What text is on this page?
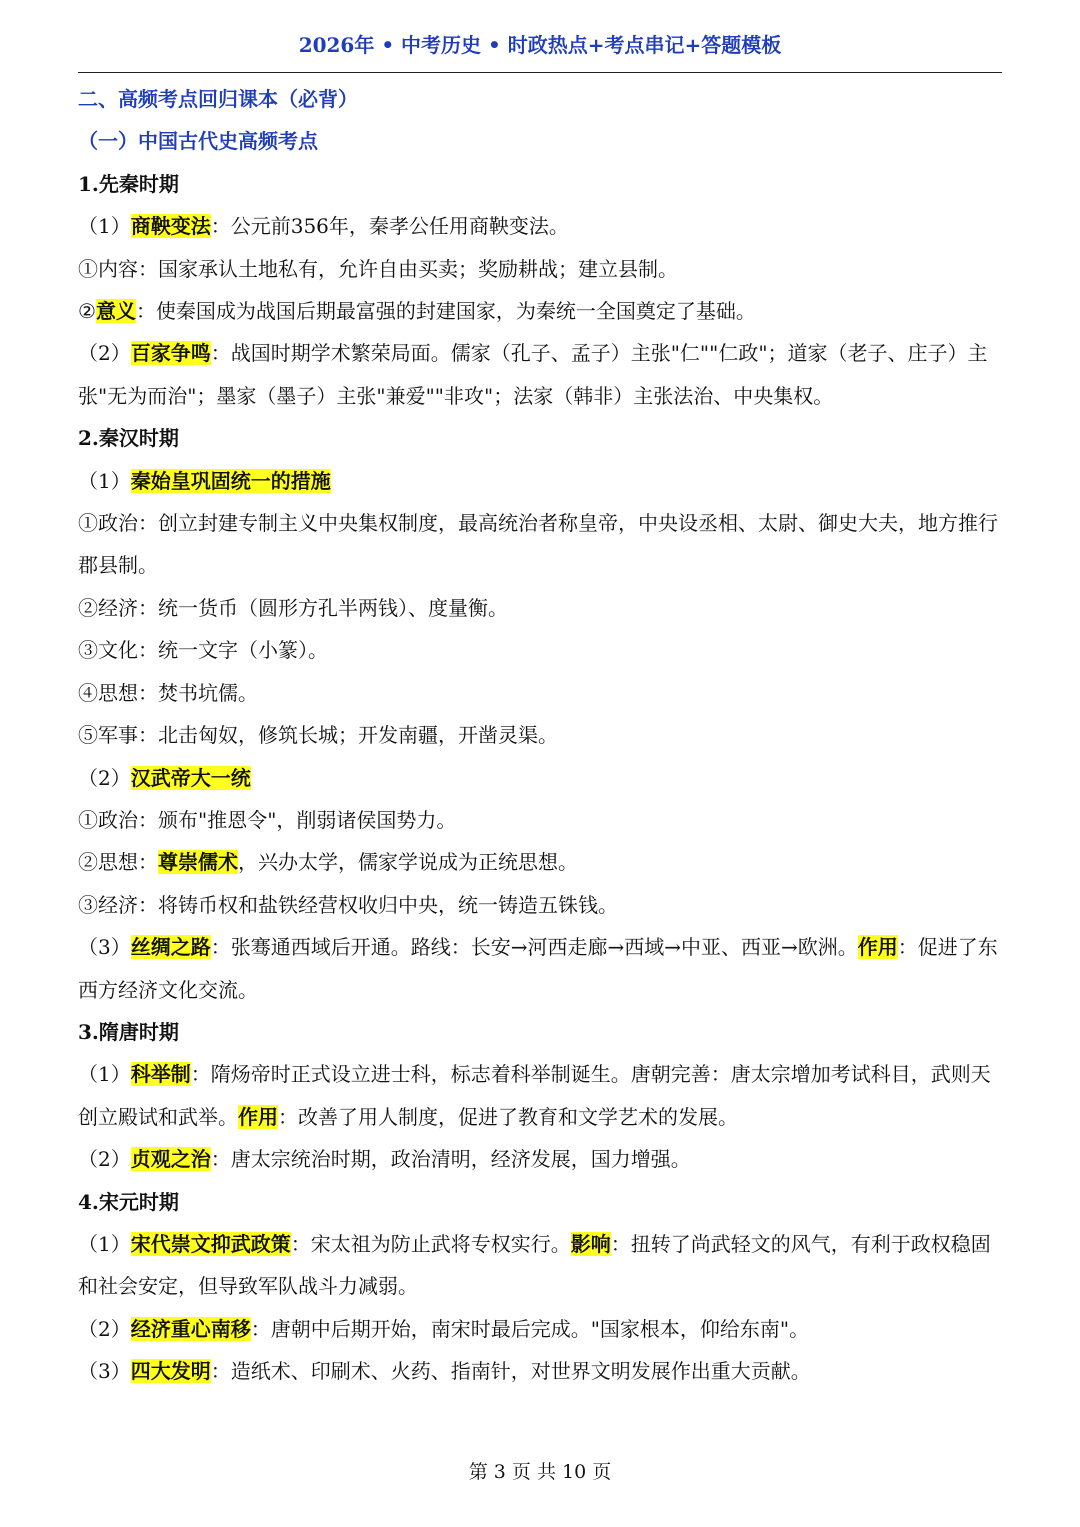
2026年 • 中考历史 • 时政热点+考点串记+答题模板
二、高频考点回归课本（必背）
（一）中国古代史高频考点
1.先秦时期
（1）商鞅变法：公元前356年，秦孝公任用商鞅变法。
①内容：国家承认土地私有，允许自由买卖；奖励耕战；建立县制。
②意义：使秦国成为战国后期最富强的封建国家，为秦统一全国奠定了基础。
（2）百家争鸣：战国时期学术繁荣局面。儒家（孔子、孟子）主张"仁""仁政"；道家（老子、庄子）主张"无为而治"；墨家（墨子）主张"兼爱""非攻"；法家（韩非）主张法治、中央集权。
2.秦汉时期
（1）秦始皇巩固统一的措施
①政治：创立封建专制主义中央集权制度，最高统治者称皇帝，中央设丞相、太尉、御史大夫，地方推行郡县制。
②经济：统一货币（圆形方孔半两钱）、度量衡。
③文化：统一文字（小篆）。
④思想：焚书坑儒。
⑤军事：北击匈奴，修筑长城；开发南疆，开凿灵渠。
（2）汉武帝大一统
①政治：颁布"推恩令"，削弱诸侯国势力。
②思想：尊崇儒术，兴办太学，儒家学说成为正统思想。
③经济：将铸币权和盐铁经营权收归中央，统一铸造五铢钱。
（3）丝绸之路：张骞通西域后开通。路线：长安→河西走廊→西域→中亚、西亚→欧洲。作用：促进了东西方经济文化交流。
3.隋唐时期
（1）科举制：隋炀帝时正式设立进士科，标志着科举制诞生。唐朝完善：唐太宗增加考试科目，武则天创立殿试和武举。作用：改善了用人制度，促进了教育和文学艺术的发展。
（2）贞观之治：唐太宗统治时期，政治清明，经济发展，国力增强。
4.宋元时期
（1）宋代崇文抑武政策：宋太祖为防止武将专权实行。影响：扭转了尚武轻文的风气，有利于政权稳固和社会安定，但导致军队战斗力减弱。
（2）经济重心南移：唐朝中后期开始，南宋时最后完成。"国家根本，仰给东南"。
（3）四大发明：造纸术、印刷术、火药、指南针，对世界文明发展作出重大贡献。
第 3 页 共 10 页
